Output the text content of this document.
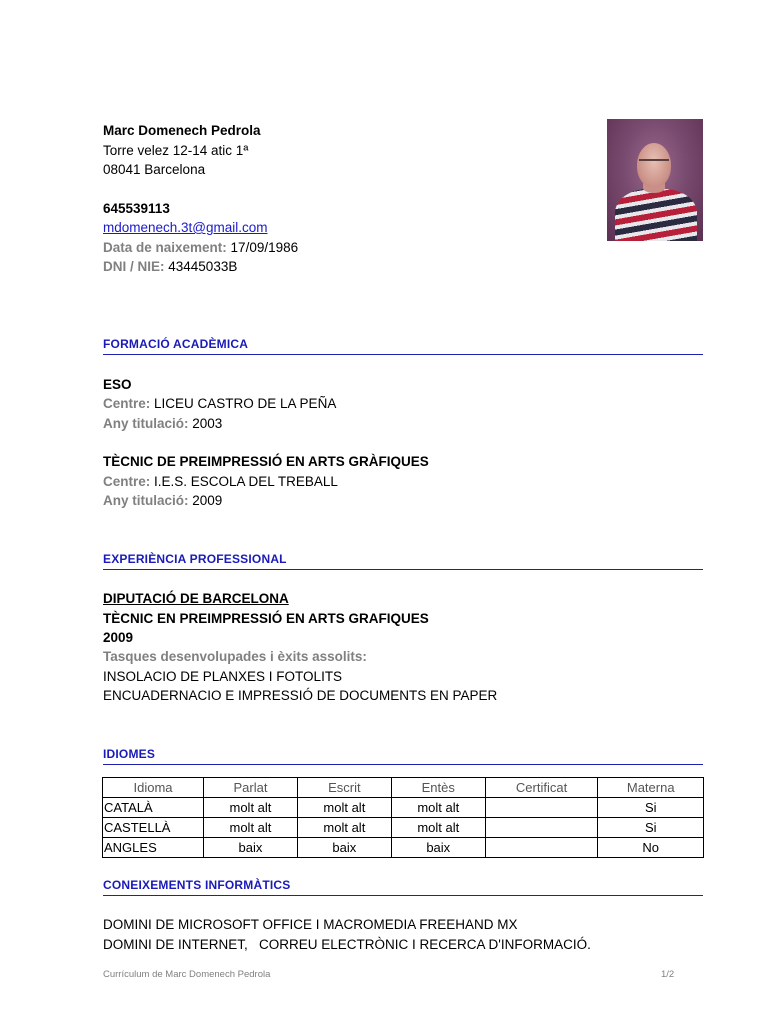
Marc Domenech Pedrola
Torre velez 12-14 atic 1ª
08041 Barcelona
645539113
mdomenech.3t@gmail.com
Data de naixement: 17/09/1986
DNI / NIE: 43445033B
FORMACIÓ ACADÈMICA
ESO
Centre: LICEU CASTRO DE LA PEÑA
Any titulació: 2003
TÈCNIC DE PREIMPRESSIÓ EN ARTS GRÀFIQUES
Centre: I.E.S. ESCOLA DEL TREBALL
Any titulació: 2009
EXPERIÈNCIA PROFESSIONAL
DIPUTACIÓ DE BARCELONA
TÈCNIC EN PREIMPRESSIÓ EN ARTS GRAFIQUES
2009
Tasques desenvolupades i èxits assolits:
INSOLACIO DE PLANXES I FOTOLITS
ENCUADERNACIO E IMPRESSIÓ DE DOCUMENTS EN PAPER
IDIOMES
Idioma	Parlat	Escrit	Entès	Certificat	Materna
CATALÀ	molt alt	molt alt	molt alt		Si
CASTELLÀ	molt alt	molt alt	molt alt		Si
ANGLES	baix	baix	baix		No
CONEIXEMENTS INFORMÀTICS
DOMINI DE MICROSOFT OFFICE I MACROMEDIA FREEHAND MX
DOMINI DE INTERNET,   CORREU ELECTRÒNIC I RECERCA D'INFORMACIÓ.
Currículum de Marc Domenech Pedrola	1/2
